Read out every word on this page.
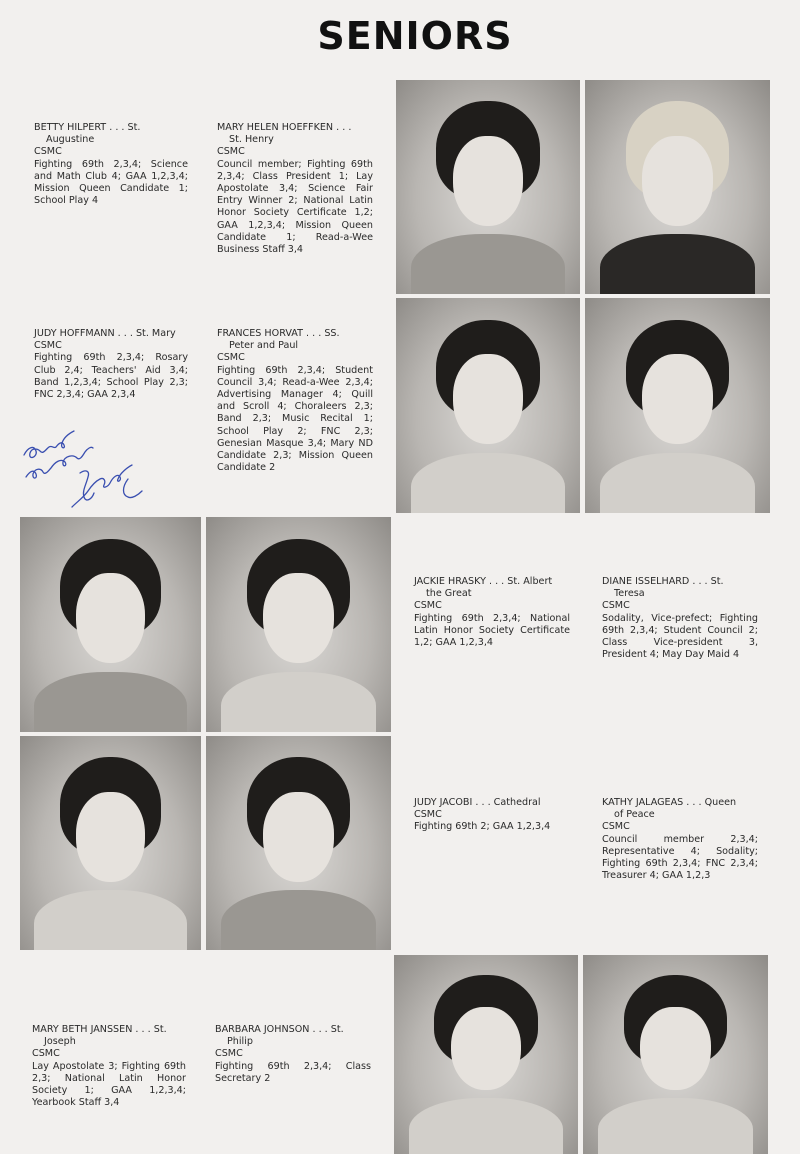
SENIORS
BETTY HILPERT . . . St.
Augustine
CSMC
Fighting 69th 2,3,4; Science and Math Club 4; GAA 1,2,3,4; Mission Queen Candidate 1; School Play 4
MARY HELEN HOEFFKEN . . .
St. Henry
CSMC
Council member; Fighting 69th 2,3,4; Class President 1; Lay Apostolate 3,4; Science Fair Entry Winner 2; National Latin Honor Society Certificate 1,2; GAA 1,2,3,4; Mission Queen Candidate 1; Read-a-Wee Business Staff 3,4
JUDY HOFFMANN . . . St. Mary
CSMC
Fighting 69th 2,3,4; Rosary Club 2,4; Teachers' Aid 3,4; Band 1,2,3,4; School Play 2,3; FNC 2,3,4; GAA 2,3,4
FRANCES HORVAT . . . SS.
Peter and Paul
CSMC
Fighting 69th 2,3,4; Student Council 3,4; Read-a-Wee 2,3,4; Advertising Manager 4; Quill and Scroll 4; Choraleers 2,3; Band 2,3; Music Recital 1; School Play 2; FNC 2,3; Genesian Masque 3,4; Mary ND Candidate 2,3; Mission Queen Candidate 2
JACKIE HRASKY . . . St. Albert
the Great
CSMC
Fighting 69th 2,3,4; National Latin Honor Society Certificate 1,2; GAA 1,2,3,4
DIANE ISSELHARD . . . St.
Teresa
CSMC
Sodality, Vice-prefect; Fighting 69th 2,3,4; Student Council 2; Class Vice-president 3, President 4; May Day Maid 4
JUDY JACOBI . . . Cathedral
CSMC
Fighting 69th 2; GAA 1,2,3,4
KATHY JALAGEAS . . . Queen
of Peace
CSMC
Council member 2,3,4; Representative 4; Sodality; Fighting 69th 2,3,4; FNC 2,3,4; Treasurer 4; GAA 1,2,3
MARY BETH JANSSEN . . . St.
Joseph
CSMC
Lay Apostolate 3; Fighting 69th 2,3; National Latin Honor Society 1; GAA 1,2,3,4; Yearbook Staff 3,4
BARBARA JOHNSON . . . St.
Philip
CSMC
Fighting 69th 2,3,4; Class Secretary 2
